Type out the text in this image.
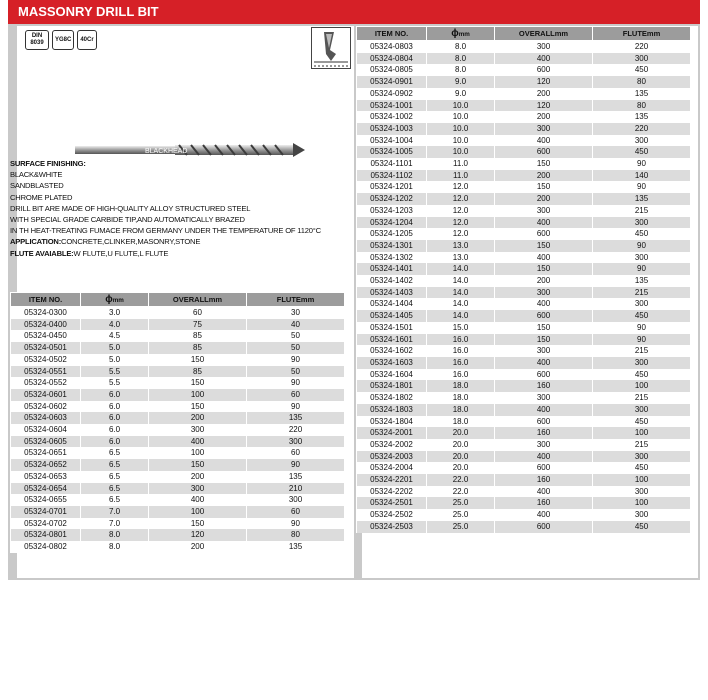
MASSONRY DRILL BIT
DIN
8039	YG8C	40Cr
BLACKHEAD
SURFACE FINISHING:
BLACK&WHITE
SANDBLASTED
CHROME PLATED
DRILL BIT ARE MADE OF HIGH-QUALITY ALLOY STRUCTURED STEEL
WITH SPECIAL GRADE CARBIDE TIP,AND AUTOMATICALLY BRAZED
IN TH HEAT-TREATING FUMACE FROM GERMANY UNDER THE TEMPERATURE OF 1120°C
APPLICATION:CONCRETE,CLINKER,MASONRY,STONE
FLUTE AVAIABLE:W FLUTE,U FLUTE,L FLUTE
ITEM NO.	ϕmm	OVERALLmm	FLUTEmm
05324-0300	3.0	60	30
05324-0400	4.0	75	40
05324-0450	4.5	85	50
05324-0501	5.0	85	50
05324-0502	5.0	150	90
05324-0551	5.5	85	50
05324-0552	5.5	150	90
05324-0601	6.0	100	60
05324-0602	6.0	150	90
05324-0603	6.0	200	135
05324-0604	6.0	300	220
05324-0605	6.0	400	300
05324-0651	6.5	100	60
05324-0652	6.5	150	90
05324-0653	6.5	200	135
05324-0654	6.5	300	210
05324-0655	6.5	400	300
05324-0701	7.0	100	60
05324-0702	7.0	150	90
05324-0801	8.0	120	80
05324-0802	8.0	200	135
ITEM NO.	ϕmm	OVERALLmm	FLUTEmm
05324-0803	8.0	300	220
05324-0804	8.0	400	300
05324-0805	8.0	600	450
05324-0901	9.0	120	80
05324-0902	9.0	200	135
05324-1001	10.0	120	80
05324-1002	10.0	200	135
05324-1003	10.0	300	220
05324-1004	10.0	400	300
05324-1005	10.0	600	450
05324-1101	11.0	150	90
05324-1102	11.0	200	140
05324-1201	12.0	150	90
05324-1202	12.0	200	135
05324-1203	12.0	300	215
05324-1204	12.0	400	300
05324-1205	12.0	600	450
05324-1301	13.0	150	90
05324-1302	13.0	400	300
05324-1401	14.0	150	90
05324-1402	14.0	200	135
05324-1403	14.0	300	215
05324-1404	14.0	400	300
05324-1405	14.0	600	450
05324-1501	15.0	150	90
05324-1601	16.0	150	90
05324-1602	16.0	300	215
05324-1603	16.0	400	300
05324-1604	16.0	600	450
05324-1801	18.0	160	100
05324-1802	18.0	300	215
05324-1803	18.0	400	300
05324-1804	18.0	600	450
05324-2001	20.0	160	100
05324-2002	20.0	300	215
05324-2003	20.0	400	300
05324-2004	20.0	600	450
05324-2201	22.0	160	100
05324-2202	22.0	400	300
05324-2501	25.0	160	100
05324-2502	25.0	400	300
05324-2503	25.0	600	450
